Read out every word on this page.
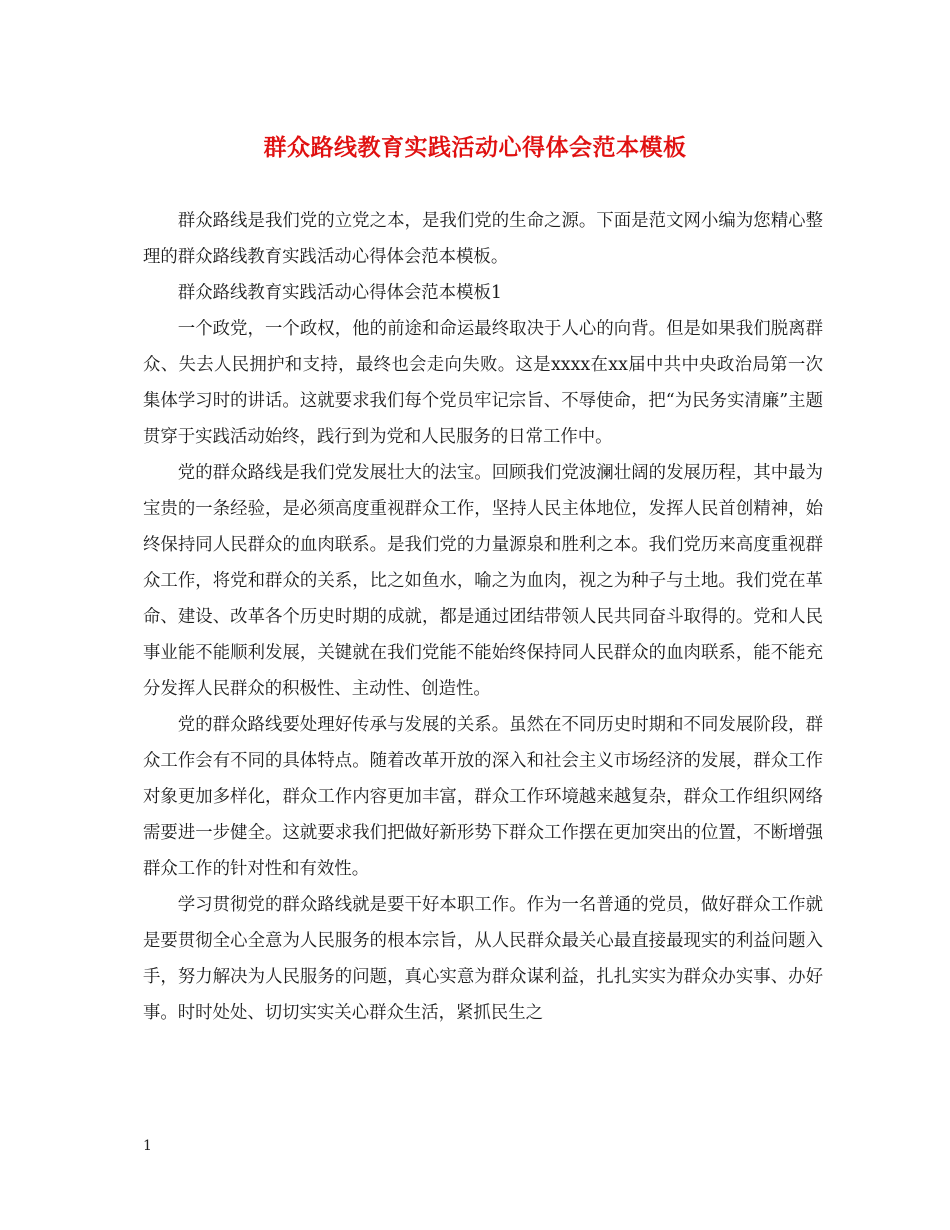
群众路线教育实践活动心得体会范本模板

群众路线是我们党的立党之本，是我们党的生命之源。下面是范文网小编为您精心整理的群众路线教育实践活动心得体会范本模板。

群众路线教育实践活动心得体会范本模板1

一个政党，一个政权，他的前途和命运最终取决于人心的向背。但是如果我们脱离群众、失去人民拥护和支持，最终也会走向失败。这是xxxx在xx届中共中央政治局第一次集体学习时的讲话。这就要求我们每个党员牢记宗旨、不辱使命，把“为民务实清廉”主题贯穿于实践活动始终，践行到为党和人民服务的日常工作中。

党的群众路线是我们党发展壮大的法宝。回顾我们党波澜壮阔的发展历程，其中最为宝贵的一条经验，是必须高度重视群众工作，坚持人民主体地位，发挥人民首创精神，始终保持同人民群众的血肉联系。是我们党的力量源泉和胜利之本。我们党历来高度重视群众工作，将党和群众的关系，比之如鱼水，喻之为血肉，视之为种子与土地。我们党在革命、建设、改革各个历史时期的成就，都是通过团结带领人民共同奋斗取得的。党和人民事业能不能顺利发展，关键就在我们党能不能始终保持同人民群众的血肉联系，能不能充分发挥人民群众的积极性、主动性、创造性。

党的群众路线要处理好传承与发展的关系。虽然在不同历史时期和不同发展阶段，群众工作会有不同的具体特点。随着改革开放的深入和社会主义市场经济的发展，群众工作对象更加多样化，群众工作内容更加丰富，群众工作环境越来越复杂，群众工作组织网络需要进一步健全。这就要求我们把做好新形势下群众工作摆在更加突出的位置，不断增强群众工作的针对性和有效性。

学习贯彻党的群众路线就是要干好本职工作。作为一名普通的党员，做好群众工作就是要贯彻全心全意为人民服务的根本宗旨，从人民群众最关心最直接最现实的利益问题入手，努力解决为人民服务的问题，真心实意为群众谋利益，扎扎实实为群众办实事、办好事。时时处处、切切实实关心群众生活，紧抓民生之

1
